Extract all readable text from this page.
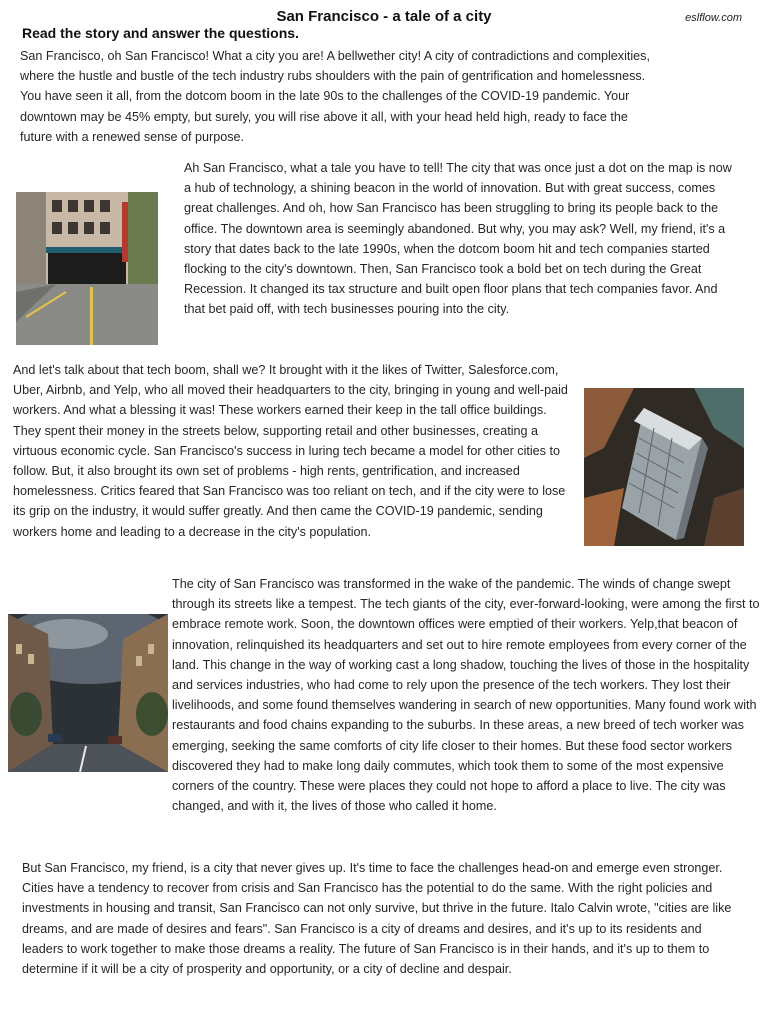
San Francisco - a tale of a city	eslflow.com
Read the story and answer the questions.

San Francisco, oh San Francisco! What a city you are! A bellwether city! A city of contradictions and complexities, where the hustle and bustle of the tech industry rubs shoulders with the pain of gentrification and homelessness. You have seen it all, from the dotcom boom in the late 90s to the challenges of the COVID-19 pandemic. Your downtown may be 45% empty, but surely, you will rise above it all, with your head held high, ready to face the future with a renewed sense of purpose.

Ah San Francisco, what a tale you have to tell! The city that was once just a dot on the map is now a hub of technology, a shining beacon in the world of innovation. But with great success, comes great challenges. And oh, how San Francisco has been struggling to bring its people back to the office. The downtown area is seemingly abandoned. But why, you may ask? Well, my friend, it's a story that dates back to the late 1990s, when the dotcom boom hit and tech companies started flocking to the city's downtown. Then, San Francisco took a bold bet on tech during the Great Recession. It changed its tax structure and built open floor plans that tech companies favor. And that bet paid off, with tech businesses pouring into the city.

And let's talk about that tech boom, shall we? It brought with it the likes of Twitter, Salesforce.com, Uber, Airbnb, and Yelp, who all moved their headquarters to the city, bringing in young and well-paid workers. And what a blessing it was! These workers earned their keep in the tall office buildings. They spent their money in the streets below, supporting retail and other businesses, creating a virtuous economic cycle. San Francisco's success in luring tech became a model for other cities to follow. But, it also brought its own set of problems - high rents, gentrification, and increased homelessness. Critics feared that San Francisco was too reliant on tech, and if the city were to lose its grip on the industry, it would suffer greatly. And then came the COVID-19 pandemic, sending workers home and leading to a decrease in the city's population.

The city of San Francisco was transformed in the wake of the pandemic. The winds of change swept through its streets like a tempest. The tech giants of the city, ever-forward-looking, were among the first to embrace remote work. Soon, the downtown offices were emptied of their workers. Yelp,that beacon of innovation, relinquished its headquarters and set out to hire remote employees from every corner of the land. This change in the way of working cast a long shadow, touching the lives of those in the hospitality and services industries, who had come to rely upon the presence of the tech workers. They lost their livelihoods, and some found themselves wandering in search of new opportunities. Many found work with restaurants and food chains expanding to the suburbs. In these areas, a new breed of tech worker was emerging, seeking the same comforts of city life closer to their homes. But these food sector workers discovered they had to make long daily commutes, which took them to some of the most expensive corners of the country. These were places they could not hope to afford a place to live. The city was changed, and with it, the lives of those who called it home.

But San Francisco, my friend, is a city that never gives up. It's time to face the challenges head-on and emerge even stronger. Cities have a tendency to recover from crisis and San Francisco has the potential to do the same. With the right policies and investments in housing and transit, San Francisco can not only survive, but thrive in the future. Italo Calvin wrote, "cities are like dreams, and are made of desires and fears". San Francisco is a city of dreams and desires, and it's up to its residents and leaders to work together to make those dreams a reality. The future of San Francisco is in their hands, and it's up to them to determine if it will be a city of prosperity and opportunity, or a city of decline and despair.
